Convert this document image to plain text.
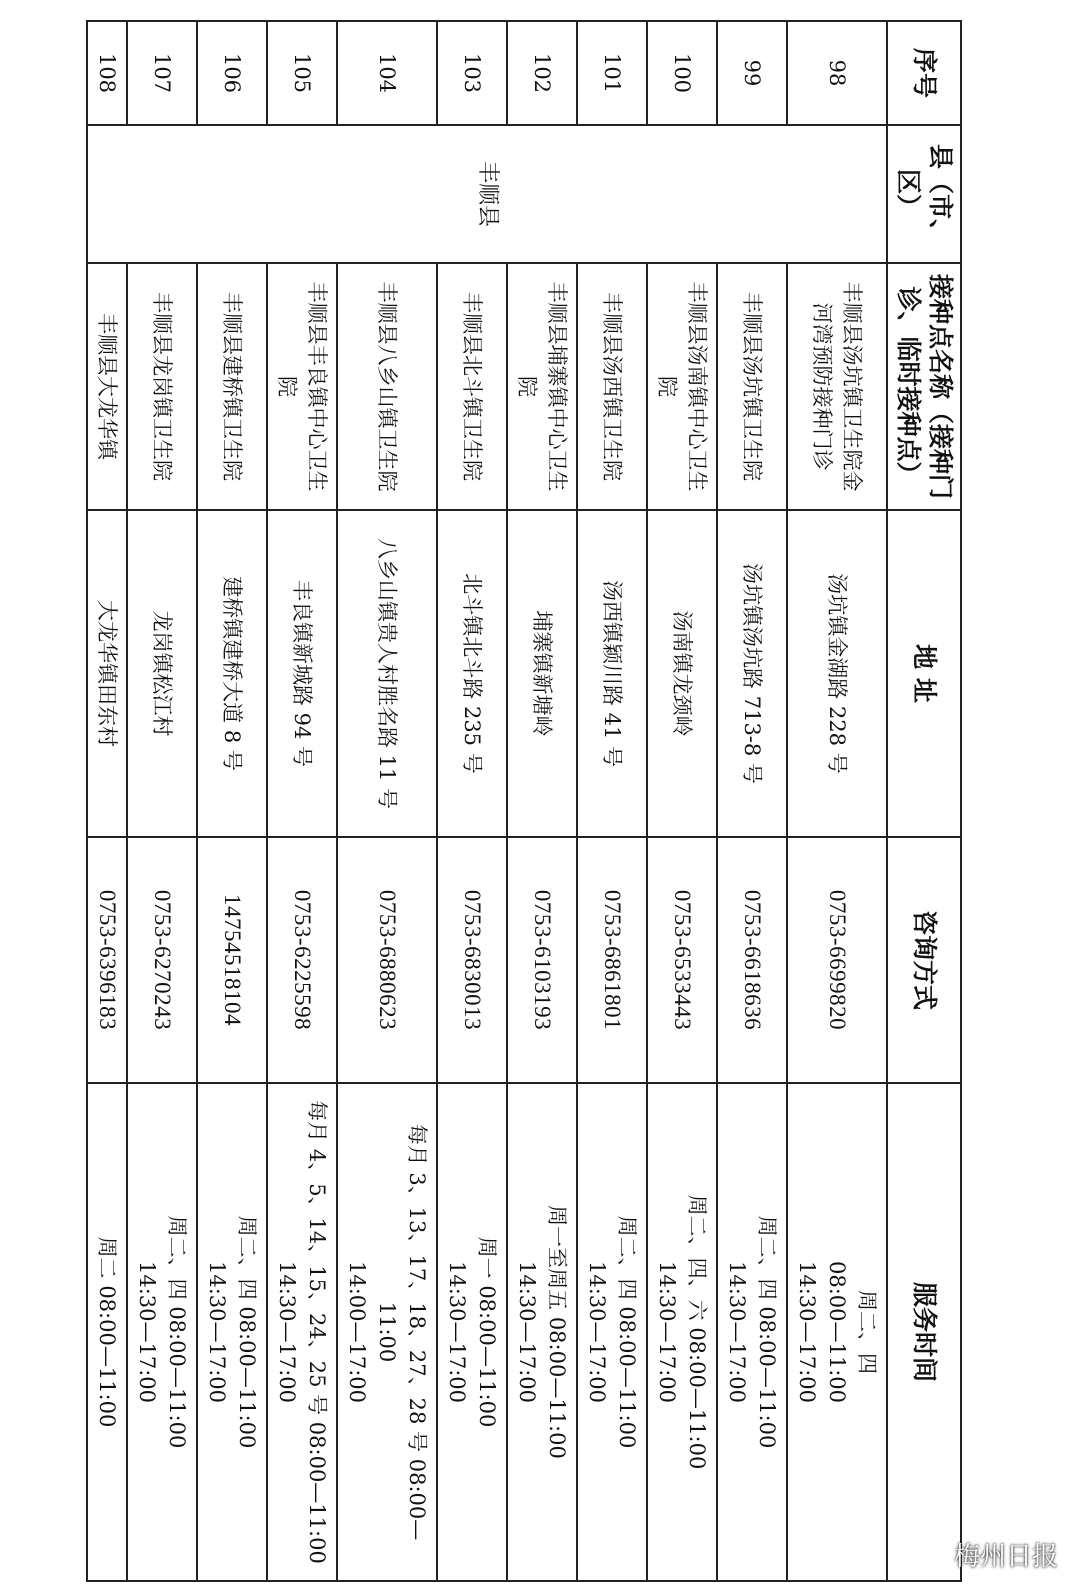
序号	县（市、区）	接种点名称（接种门诊、临时接种点）	地 址	咨询方式	服务时间
98	丰顺县	丰顺县汤坑镇卫生院金河湾预防接种门诊	汤坑镇金湖路 228 号	0753-6699820	周二、四
08:00—11:00
14:30—17:00

99		丰顺县汤坑镇卫生院	汤坑镇汤坑路 713-8 号	0753-6618636	周二、四 08:00—11:00
14:30—17:00

100		丰顺县汤南镇中心卫生院	汤南镇龙颈岭	0753-6533443	周二、四、六 08:00—11:00
14:30—17:00

101		丰顺县汤西镇卫生院	汤西镇颖川路 41 号	0753-6861801	周二、四 08:00—11:00
14:30—17:00

102		丰顺县埔寨镇中心卫生院	埔寨镇新塘岭	0753-6103193	周一至周五 08:00—11:00
14:30—17:00

103		丰顺县北斗镇卫生院	北斗镇北斗路 235 号	0753-6830013	周一 08:00—11:00
14:30—17:00

104		丰顺县八乡山镇卫生院	八乡山镇贵人村胜名路 11 号	0753-6880623	每月 3、13、17、18、27、28 号 08:00—11:00
14:00—17:00

105		丰顺县丰良镇中心卫生院	丰良镇新城路 94 号	0753-6225598	每月 4、5、14、15、24、25 号 08:00—11:00
14:30—17:00

106		丰顺县建桥镇卫生院	建桥镇建桥大道 8 号	14754518104	周二、四 08:00—11:00
14:30—17:00

107		丰顺县龙岗镇卫生院	龙岗镇松江村	0753-6270243	周二、四 08:00—11:00
14:30—17:00

108		丰顺县大龙华镇	大龙华镇田东村	0753-6396183	周二 08:00—11:00
梅州日报
